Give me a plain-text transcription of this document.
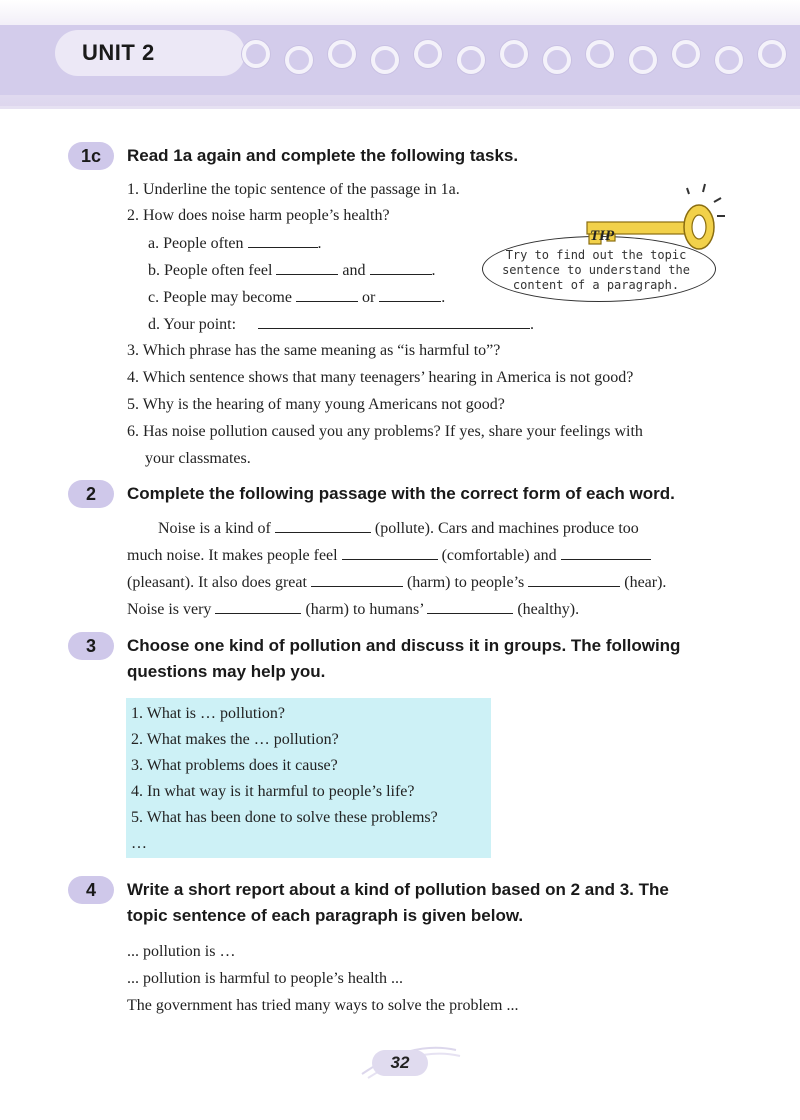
UNIT 2
1c	Read 1a again and complete the following tasks.
1. Underline the topic sentence of the passage in 1a.
2. How does noise harm people’s health?
a. People often	.
b. People often feel	and	.
c. People may become	or	.
d. Your point:	.
3. Which phrase has the same meaning as “is harmful to”?
4. Which sentence shows that many teenagers’ hearing in America is not good?
5. Why is the hearing of many young Americans not good?
6. Has noise pollution caused you any problems? If yes, share your feelings with
your classmates.
TIP
Try to find out the topic sentence to understand the content of a paragraph.
2	Complete the following passage with the correct form of each word.
Noise is a kind of	(pollute). Cars and machines produce too
much noise. It makes people feel	(comfortable) and
(pleasant). It also does great	(harm) to people’s	(hear).
Noise is very	(harm) to humans’	(healthy).
3	Choose one kind of pollution and discuss it in groups. The following
questions may help you.
1. What is … pollution?
2. What makes the … pollution?
3. What problems does it cause?
4. In what way is it harmful to people’s life?
5. What has been done to solve these problems?
…
4	Write a short report about a kind of pollution based on 2 and 3. The
topic sentence of each paragraph is given below.
... pollution is …
... pollution is harmful to people’s health ...
The government has tried many ways to solve the problem ...
32
